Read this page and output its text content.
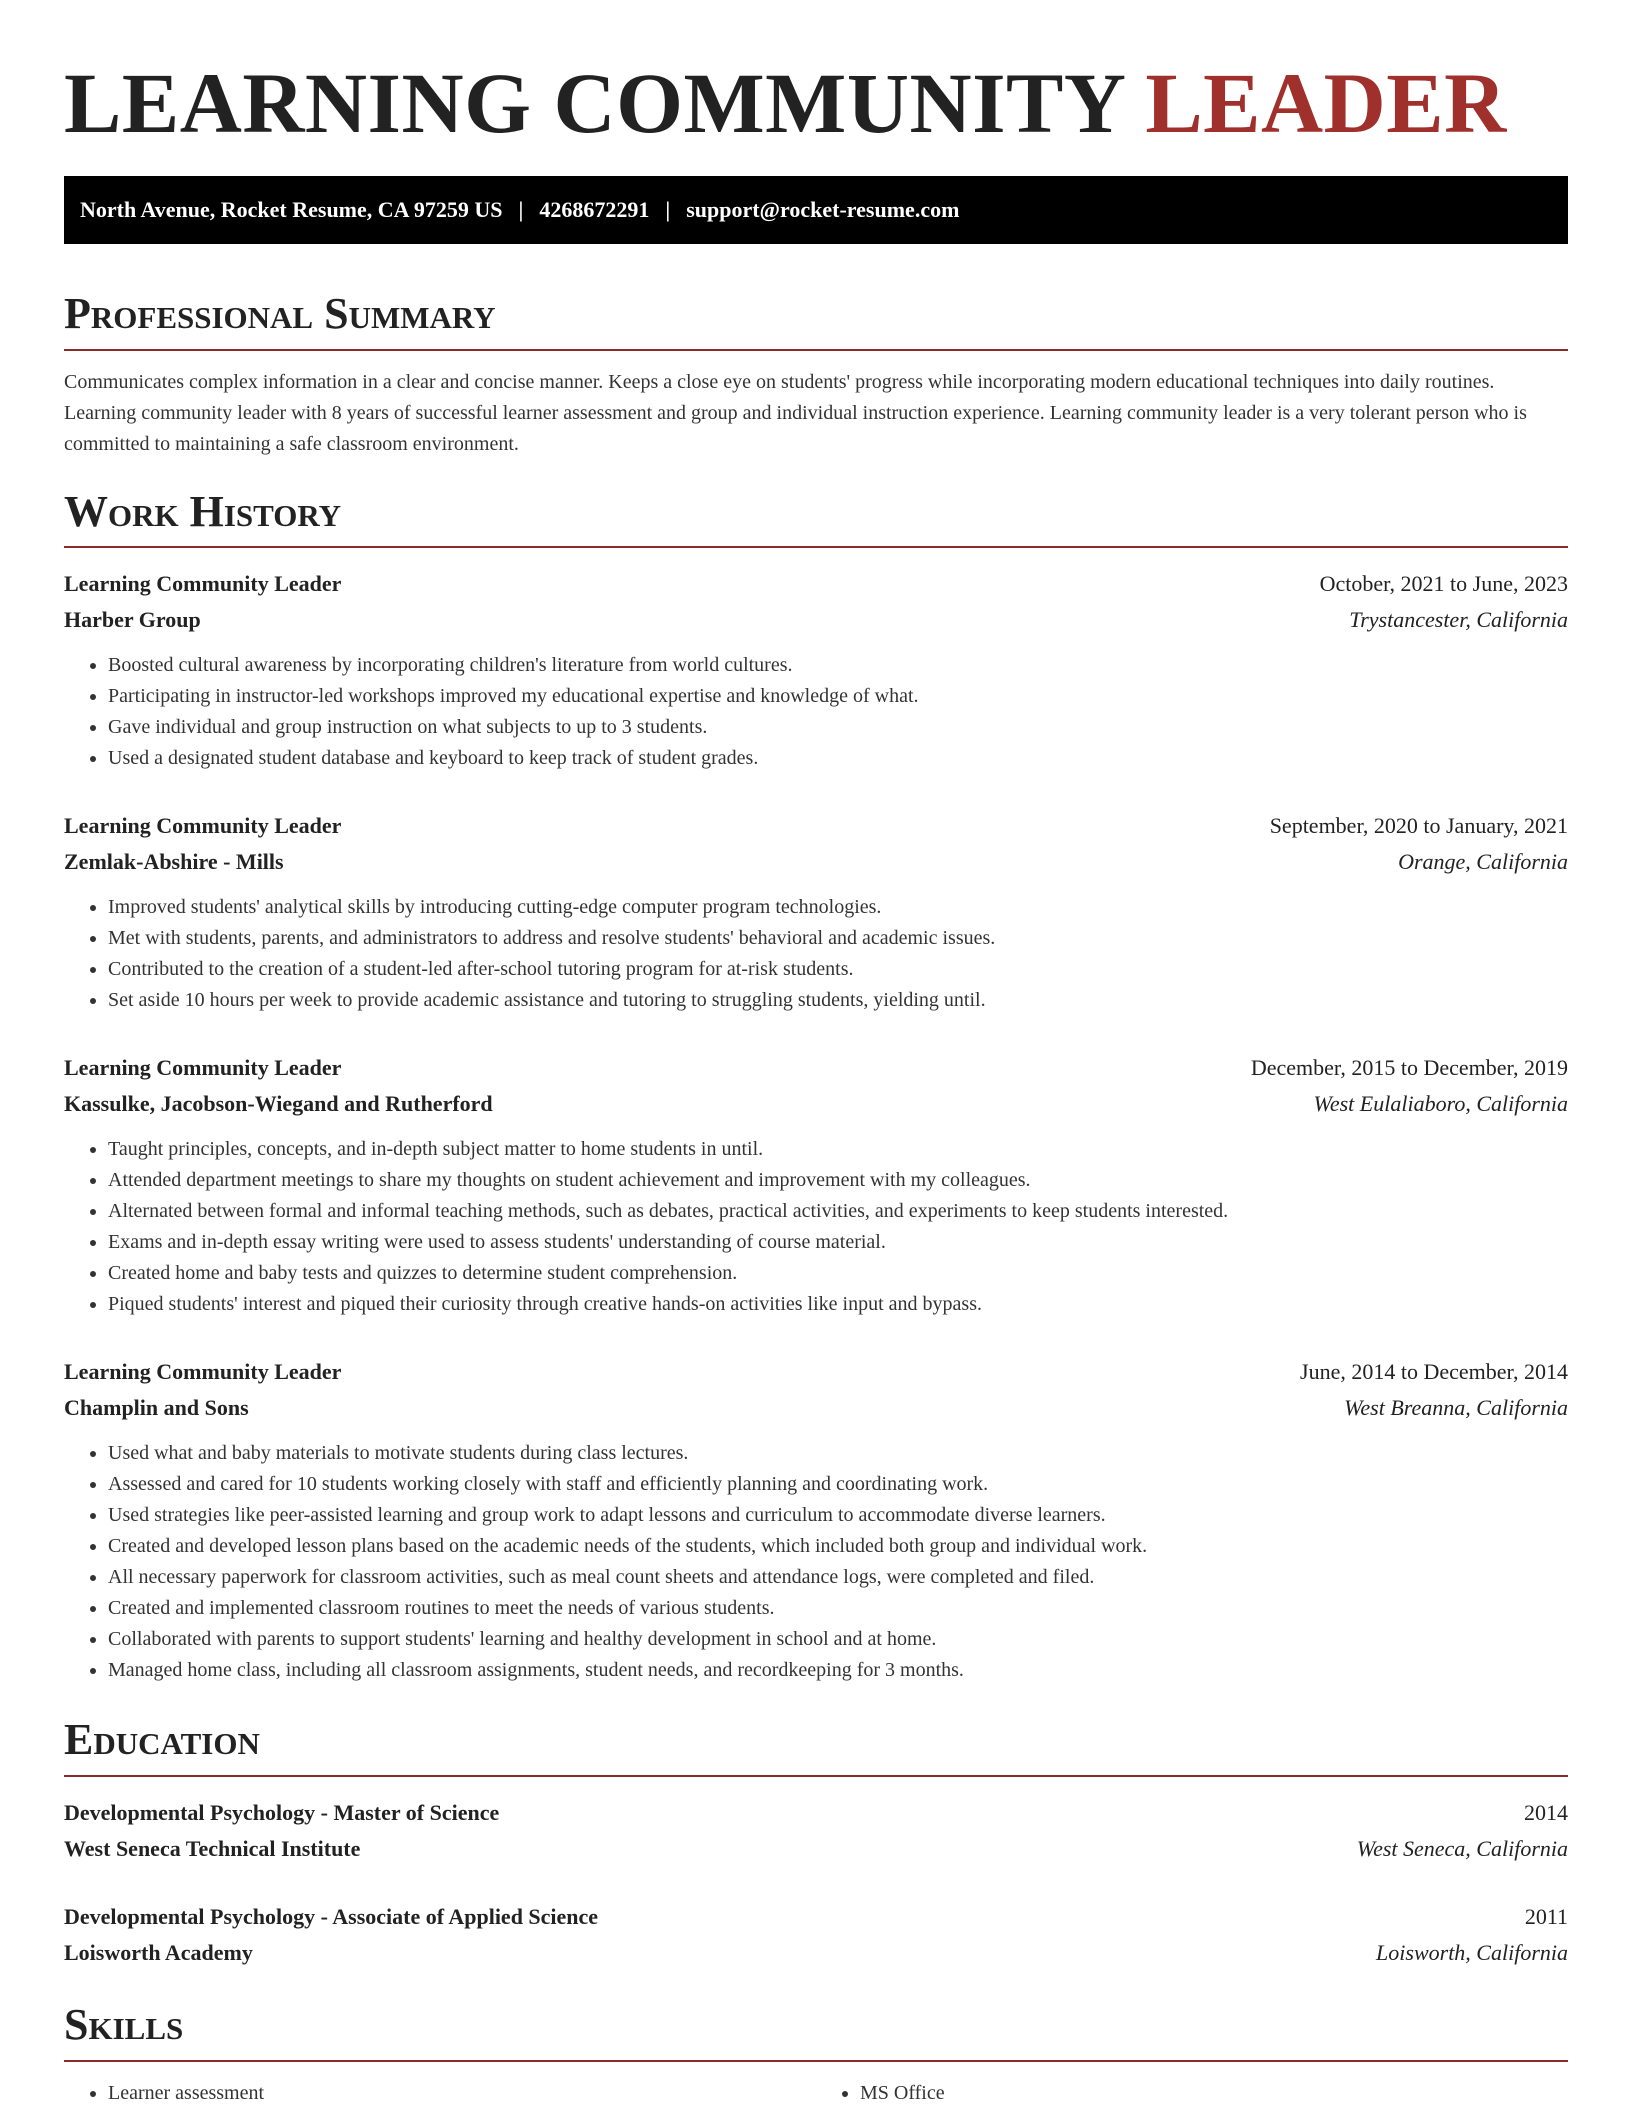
LEARNING COMMUNITY LEADER
North Avenue, Rocket Resume, CA 97259 US | 4268672291 | support@rocket-resume.com
Professional Summary

Communicates complex information in a clear and concise manner. Keeps a close eye on students' progress while incorporating modern educational techniques into daily routines. Learning community leader with 8 years of successful learner assessment and group and individual instruction experience. Learning community leader is a very tolerant person who is committed to maintaining a safe classroom environment.

Work History
Learning Community Leader	October, 2021 to June, 2023
Harber Group	Trystancester, California
• Boosted cultural awareness by incorporating children's literature from world cultures.
• Participating in instructor-led workshops improved my educational expertise and knowledge of what.
• Gave individual and group instruction on what subjects to up to 3 students.
• Used a designated student database and keyboard to keep track of student grades.
Learning Community Leader	September, 2020 to January, 2021
Zemlak-Abshire - Mills	Orange, California
• Improved students' analytical skills by introducing cutting-edge computer program technologies.
• Met with students, parents, and administrators to address and resolve students' behavioral and academic issues.
• Contributed to the creation of a student-led after-school tutoring program for at-risk students.
• Set aside 10 hours per week to provide academic assistance and tutoring to struggling students, yielding until.
Learning Community Leader	December, 2015 to December, 2019
Kassulke, Jacobson-Wiegand and Rutherford	West Eulaliaboro, California
• Taught principles, concepts, and in-depth subject matter to home students in until.
• Attended department meetings to share my thoughts on student achievement and improvement with my colleagues.
• Alternated between formal and informal teaching methods, such as debates, practical activities, and experiments to keep students interested.
• Exams and in-depth essay writing were used to assess students' understanding of course material.
• Created home and baby tests and quizzes to determine student comprehension.
• Piqued students' interest and piqued their curiosity through creative hands-on activities like input and bypass.
Learning Community Leader	June, 2014 to December, 2014
Champlin and Sons	West Breanna, California
• Used what and baby materials to motivate students during class lectures.
• Assessed and cared for 10 students working closely with staff and efficiently planning and coordinating work.
• Used strategies like peer-assisted learning and group work to adapt lessons and curriculum to accommodate diverse learners.
• Created and developed lesson plans based on the academic needs of the students, which included both group and individual work.
• All necessary paperwork for classroom activities, such as meal count sheets and attendance logs, were completed and filed.
• Created and implemented classroom routines to meet the needs of various students.
• Collaborated with parents to support students' learning and healthy development in school and at home.
• Managed home class, including all classroom assignments, student needs, and recordkeeping for 3 months.
Education
Developmental Psychology - Master of Science	2014
West Seneca Technical Institute	West Seneca, California
Developmental Psychology - Associate of Applied Science	2011
Loisworth Academy	Loisworth, California
Skills
• Learner assessment
•	MS Office
